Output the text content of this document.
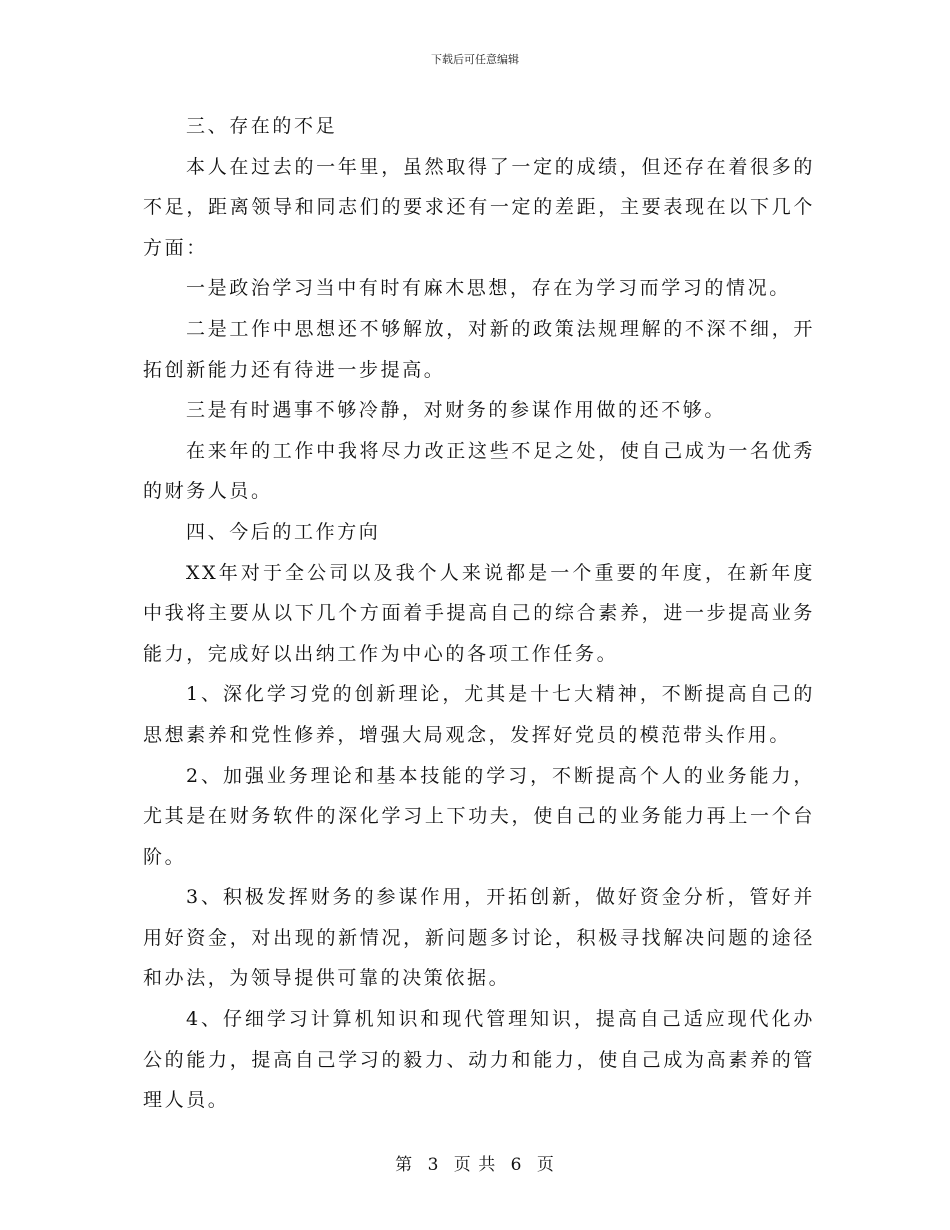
下载后可任意编辑

三、存在的不足

本人在过去的一年里，虽然取得了一定的成绩，但还存在着很多的不足，距离领导和同志们的要求还有一定的差距，主要表现在以下几个方面：

一是政治学习当中有时有麻木思想，存在为学习而学习的情况。

二是工作中思想还不够解放，对新的政策法规理解的不深不细，开拓创新能力还有待进一步提高。

三是有时遇事不够冷静，对财务的参谋作用做的还不够。

在来年的工作中我将尽力改正这些不足之处，使自己成为一名优秀的财务人员。

四、今后的工作方向

XX年对于全公司以及我个人来说都是一个重要的年度，在新年度中我将主要从以下几个方面着手提高自己的综合素养，进一步提高业务能力，完成好以出纳工作为中心的各项工作任务。

1、深化学习党的创新理论，尤其是十七大精神，不断提高自己的思想素养和党性修养，增强大局观念，发挥好党员的模范带头作用。

2、加强业务理论和基本技能的学习，不断提高个人的业务能力，尤其是在财务软件的深化学习上下功夫，使自己的业务能力再上一个台阶。

3、积极发挥财务的参谋作用，开拓创新，做好资金分析，管好并用好资金，对出现的新情况，新问题多讨论，积极寻找解决问题的途径和办法，为领导提供可靠的决策依据。

4、仔细学习计算机知识和现代管理知识，提高自己适应现代化办公的能力，提高自己学习的毅力、动力和能力，使自己成为高素养的管理人员。

第 3 页 共 6 页
